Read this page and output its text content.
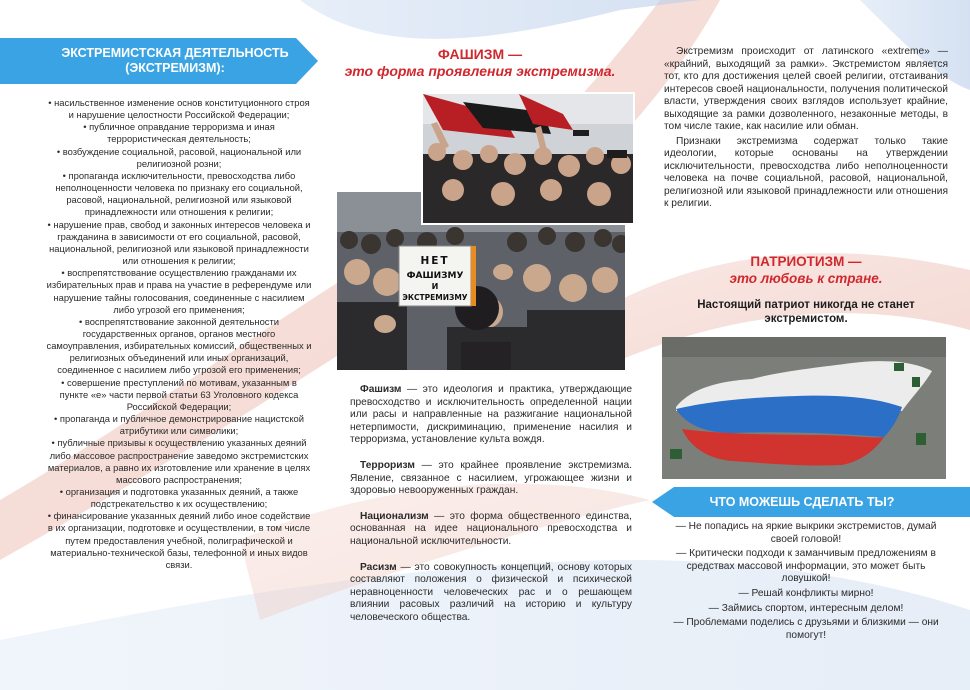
ЭКСТРЕМИСТСКАЯ ДЕЯТЕЛЬНОСТЬ (ЭКСТРЕМИЗМ):
• насильственное изменение основ конституционного строя и нарушение целостности Российской Федерации;
• публичное оправдание терроризма и иная террористическая деятельность;
• возбуждение социальной, расовой, национальной или религиозной розни;
• пропаганда исключительности, превосходства либо неполноценности человека по признаку его социальной, расовой, национальной, религиозной или языковой принадлежности или отношения к религии;
• нарушение прав, свобод и законных интересов человека и гражданина в зависимости от его социальной, расовой, национальной, религиозной или языковой принадлежности или отношения к религии;
• воспрепятствование осуществлению гражданами их избирательных прав и права на участие в референдуме или нарушение тайны голосования, соединенные с насилием либо угрозой его применения;
• воспрепятствование законной деятельности государственных органов, органов местного самоуправления, избирательных комиссий, общественных и религиозных объединений или иных организаций, соединенное с насилием либо угрозой его применения;
• совершение преступлений по мотивам, указанным в пункте «е» части первой статьи 63 Уголовного кодекса Российской Федерации;
• пропаганда и публичное демонстрирование нацистской атрибутики или символики;
• публичные призывы к осуществлению указанных деяний либо массовое распространение заведомо экстремистских материалов, а равно их изготовление или хранение в целях массового распространения;
• организация и подготовка указанных деяний, а также подстрекательство к их осуществлению;
• финансирование указанных деяний либо иное содействие в их организации, подготовке и осуществлении, в том числе путем предоставления учебной, полиграфической и материально-технической базы, телефонной и иных видов связи.
ФАШИЗМ —
это форма проявления экстремизма.
НЕТ
ФАШИЗМУ
И
ЭКСТРЕМИЗМУ

Фашизм — это идеология и практика, утверждающие превосходство и исключительность определенной нации или расы и направленные на разжигание национальной нетерпимости, дискриминацию, применение насилия и терроризма, установление культа вождя.

Терроризм — это крайнее проявление экстремизма. Явление, связанное с насилием, угрожающее жизни и здоровью невооруженных граждан.

Национализм — это форма общественного единства, основанная на идее национального превосходства и национальной исключительности.

Расизм — это совокупность концепций, основу которых составляют положения о физической и психической неравноценности человеческих рас и о решающем влиянии расовых различий на историю и культуру человеческого общества.

Экстремизм происходит от латинского «extreme» — «крайний, выходящий за рамки». Экстремистом является тот, кто для достижения целей своей религии, отстаивания интересов своей национальности, получения политической власти, утверждения своих взглядов использует крайние, выходящие за рамки дозволенного, незаконные методы, в том числе такие, как насилие или обман.

Признаки экстремизма содержат только такие идеологии, которые основаны на утверждении исключительности, превосходства либо неполноценности человека на почве социальной, расовой, национальной, религиозной или языковой принадлежности или отношения к религии.

ПАТРИОТИЗМ —
это любовь к стране.
Настоящий патриот никогда не станет экстремистом.
ЧТО МОЖЕШЬ СДЕЛАТЬ ТЫ?

— Не попадись на яркие выкрики экстремистов, думай своей головой!

— Критически подходи к заманчивым предложениям в средствах массовой информации, это может быть ловушкой!

— Решай конфликты мирно!

— Займись спортом, интересным делом!

— Проблемами поделись с друзьями и близкими — они помогут!
